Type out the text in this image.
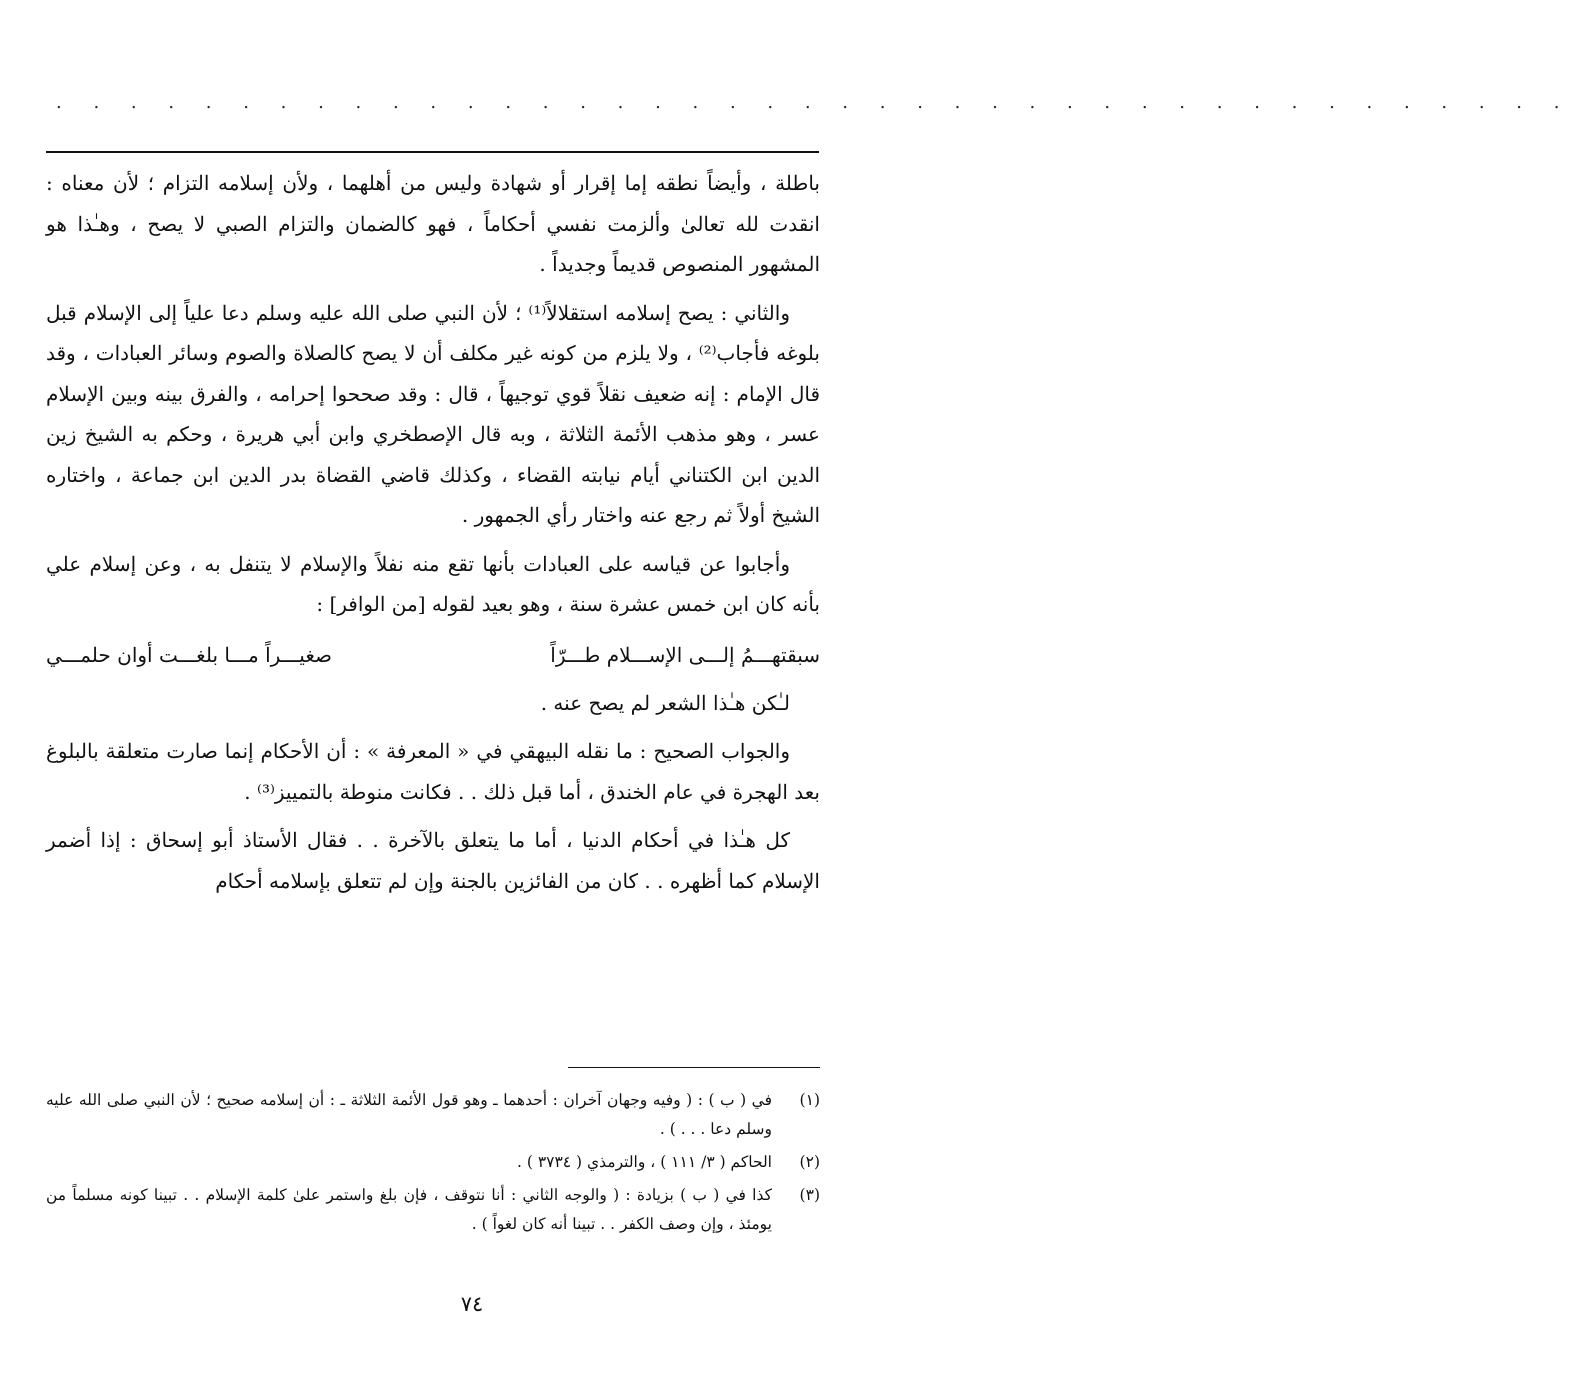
. . . . . . . . . . . . . . . . . . . . . . . . . . . . . . . . . . . . . . . . .

باطلة ، وأيضاً نطقه إما إقرار أو شهادة وليس من أهلهما ، ولأن إسلامه التزام ؛ لأن معناه : انقدت لله تعالىٰ وألزمت نفسي أحكاماً ، فهو كالضمان والتزام الصبي لا يصح ، وهـٰذا هو المشهور المنصوص قديماً وجديداً .

والثاني : يصح إسلامه استقلالاً⁽¹⁾ ؛ لأن النبي صلى الله عليه وسلم دعا علياً إلى الإسلام قبل بلوغه فأجاب⁽²⁾ ، ولا يلزم من كونه غير مكلف أن لا يصح كالصلاة والصوم وسائر العبادات ، وقد قال الإمام : إنه ضعيف نقلاً قوي توجيهاً ، قال : وقد صححوا إحرامه ، والفرق بينه وبين الإسلام عسر ، وهو مذهب الأئمة الثلاثة ، وبه قال الإصطخري وابن أبي هريرة ، وحكم به الشيخ زين الدين ابن الكتناني أيام نيابته القضاء ، وكذلك قاضي القضاة بدر الدين ابن جماعة ، واختاره الشيخ أولاً ثم رجع عنه واختار رأي الجمهور .

وأجابوا عن قياسه على العبادات بأنها تقع منه نفلاً والإسلام لا يتنفل به ، وعن إسلام علي بأنه كان ابن خمس عشرة سنة ، وهو بعيد لقوله [من الوافر] :

سبقتهـــمُ إلـــى الإســـلام طـــرّاً
صغيـــراً مـــا بلغـــت أوان حلمـــي

لـٰكن هـٰذا الشعر لم يصح عنه .

والجواب الصحيح : ما نقله البيهقي في « المعرفة » : أن الأحكام إنما صارت متعلقة بالبلوغ بعد الهجرة في عام الخندق ، أما قبل ذلك . . فكانت منوطة بالتمييز⁽³⁾ .

كل هـٰذا في أحكام الدنيا ، أما ما يتعلق بالآخرة . . فقال الأستاذ أبو إسحاق : إذا أضمر الإسلام كما أظهره . . كان من الفائزين بالجنة وإن لم تتعلق بإسلامه أحكام

(١)
في ( ب ) : ( وفيه وجهان آخران : أحدهما ـ وهو قول الأئمة الثلاثة ـ : أن إسلامه صحيح ؛ لأن النبي صلى الله عليه وسلم دعا . . . ) .
(٢)
الحاكم ( ٣/ ١١١ ) ، والترمذي ( ٣٧٣٤ ) .
(٣)
كذا في ( ب ) بزيادة : ( والوجه الثاني : أنا نتوقف ، فإن بلغ واستمر علىٰ كلمة الإسلام . . تبينا كونه مسلماً من يومئذ ، وإن وصف الكفر . . تبينا أنه كان لغواً ) .
٧٤
